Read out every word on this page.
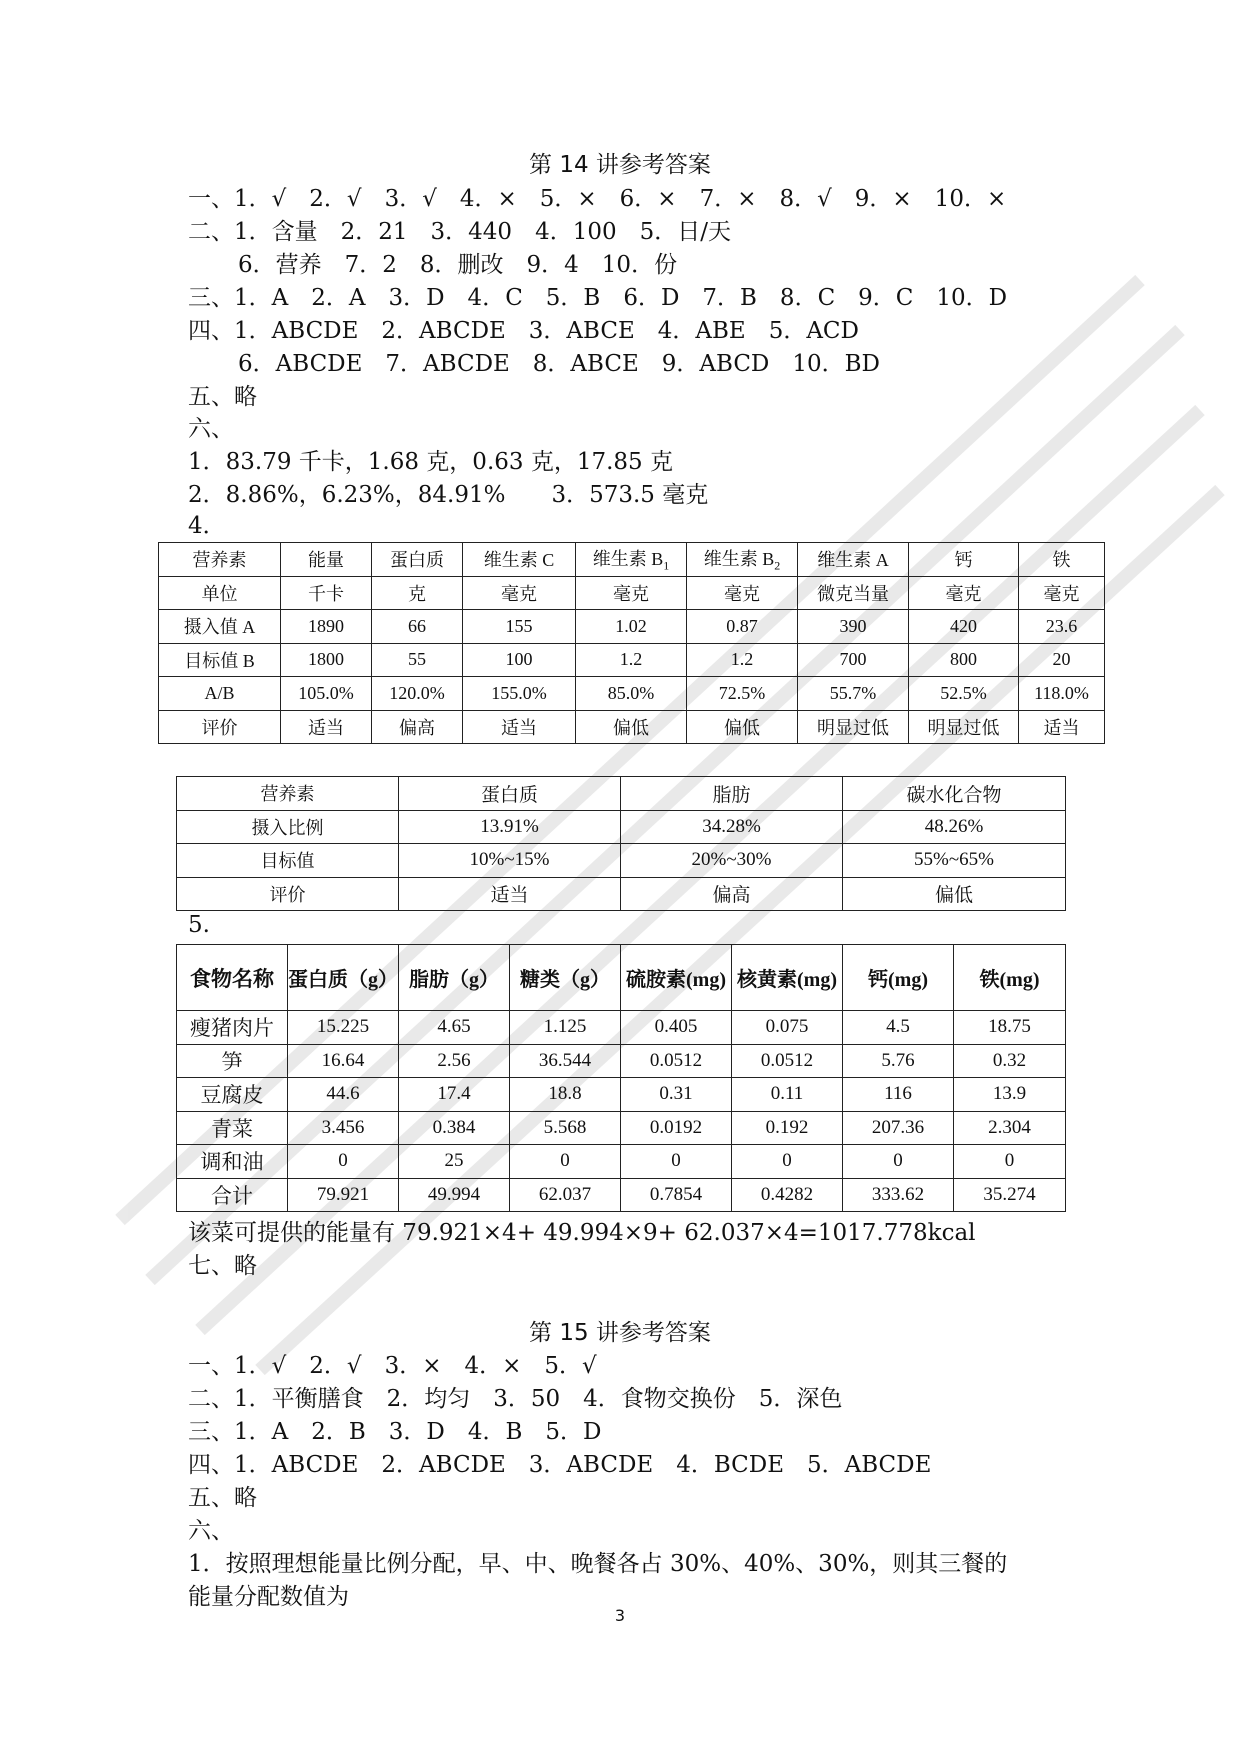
第 14 讲参考答案
一、1．√　2．√　3．√　4．×　5．×　6．×　7．×　8．√　9．×　10．×
二、1．含量　2．21　3．440　4．100　5．日/天
6．营养　7．2　8．删改　9．4　10．份
三、1．A　2．A　3．D　4．C　5．B　6．D　7．B　8．C　9．C　10．D
四、1．ABCDE　2．ABCDE　3．ABCE　4．ABE　5．ACD
6．ABCDE　7．ABCDE　8．ABCE　9．ABCD　10．BD
五、略
六、
1．83.79 千卡，1.68 克，0.63 克，17.85 克
2．8.86%，6.23%，84.91%　　3．573.5 毫克
4．
营养素	能量	蛋白质	维生素 C	维生素 $B_1$	维生素 $B_2$	维生素 A	钙	铁
单位	千卡	克	毫克	毫克	毫克	微克当量	毫克	毫克
摄入值 A	1890	66	155	1.02	0.87	390	420	23.6
目标值 B	1800	55	100	1.2	1.2	700	800	20
A/B	105.0%	120.0%	155.0%	85.0%	72.5%	55.7%	52.5%	118.0%
评价	适当	偏高	适当	偏低	偏低	明显过低	明显过低	适当
营养素	蛋白质	脂肪	碳水化合物
摄入比例	13.91%	34.28%	48.26%
目标值	10%~15%	20%~30%	55%~65%
评价	适当	偏高	偏低
5.
食物名称	蛋白质（g）	脂肪（g）	糖类（g）	硫胺素(mg)	核黄素(mg)	钙(mg)	铁(mg)
瘦猪肉片	15.225	4.65	1.125	0.405	0.075	4.5	18.75
笋	16.64	2.56	36.544	0.0512	0.0512	5.76	0.32
豆腐皮	44.6	17.4	18.8	0.31	0.11	116	13.9
青菜	3.456	0.384	5.568	0.0192	0.192	207.36	2.304
调和油	0	25	0	0	0	0	0
合计	79.921	49.994	62.037	0.7854	0.4282	333.62	35.274
该菜可提供的能量有 79.921×4+ 49.994×9+ 62.037×4=1017.778kcal
七、略
第 15 讲参考答案
一、1．√　2．√　3．×　4．×　5．√
二、1．平衡膳食　2．均匀　3．50　4．食物交换份　5．深色
三、1．A　2．B　3．D　4．B　5．D
四、1．ABCDE　2．ABCDE　3．ABCDE　4．BCDE　5．ABCDE
五、略
六、
1．按照理想能量比例分配，早、中、晚餐各占 30%、40%、30%，则其三餐的
能量分配数值为
3
